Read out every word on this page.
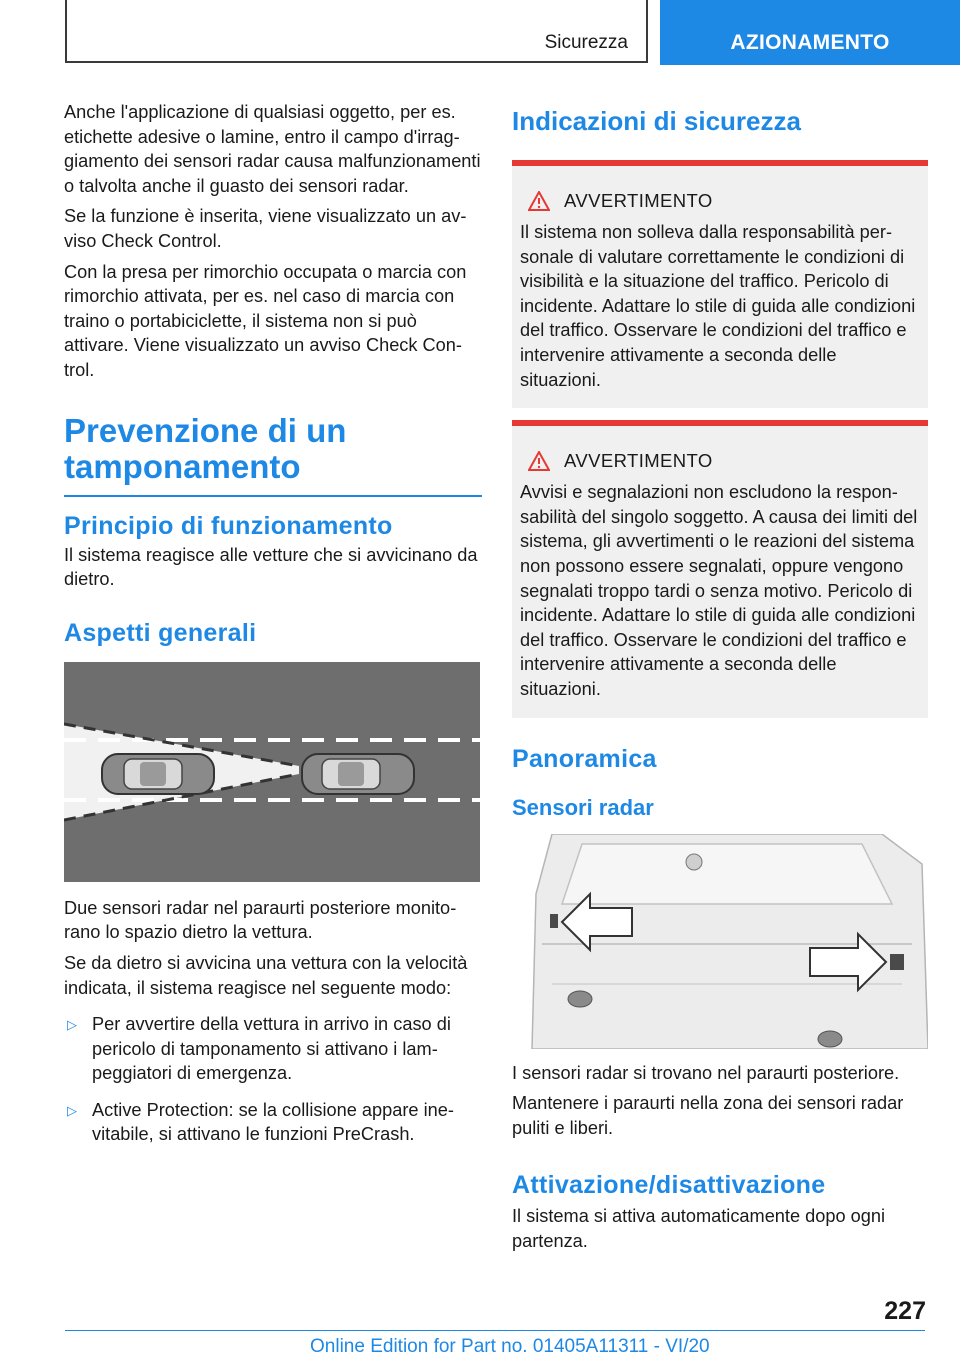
Sicurezza	AZIONAMENTO

Anche l'applicazione di qualsiasi oggetto, per es. etichette adesive o lamine, entro il campo d'irraggiamento dei sensori radar causa malfunzionamenti o talvolta anche il guasto dei sensori radar.

Se la funzione è inserita, viene visualizzato un avviso Check Control.

Con la presa per rimorchio occupata o marcia con rimorchio attivata, per es. nel caso di marcia con traino o portabiciclette, il sistema non si può attivare. Viene visualizzato un avviso Check Control.

Prevenzione di un tamponamento
Principio di funzionamento

Il sistema reagisce alle vetture che si avvicinano da dietro.

Aspetti generali

Due sensori radar nel paraurti posteriore monitorano lo spazio dietro la vettura.

Se da dietro si avvicina una vettura con la velocità indicata, il sistema reagisce nel seguente modo:

▷ Per avvertire della vettura in arrivo in caso di pericolo di tamponamento si attivano i lampeggiatori di emergenza.
▷ Active Protection: se la collisione appare inevitabile, si attivano le funzioni PreCrash.
Indicazioni di sicurezza
AVVERTIMENTO

Il sistema non solleva dalla responsabilità personale di valutare correttamente le condizioni di visibilità e la situazione del traffico. Pericolo di incidente. Adattare lo stile di guida alle condizioni del traffico. Osservare le condizioni del traffico e intervenire attivamente a seconda delle situazioni.

AVVERTIMENTO

Avvisi e segnalazioni non escludono la responsabilità del singolo soggetto. A causa dei limiti del sistema, gli avvertimenti o le reazioni del sistema non possono essere segnalati, oppure vengono segnalati troppo tardi o senza motivo. Pericolo di incidente. Adattare lo stile di guida alle condizioni del traffico. Osservare le condizioni del traffico e intervenire attivamente a seconda delle situazioni.

Panoramica
Sensori radar

I sensori radar si trovano nel paraurti posteriore.

Mantenere i paraurti nella zona dei sensori radar puliti e liberi.

Attivazione/disattivazione

Il sistema si attiva automaticamente dopo ogni partenza.

227
Online Edition for Part no. 01405A11311 - VI/20
